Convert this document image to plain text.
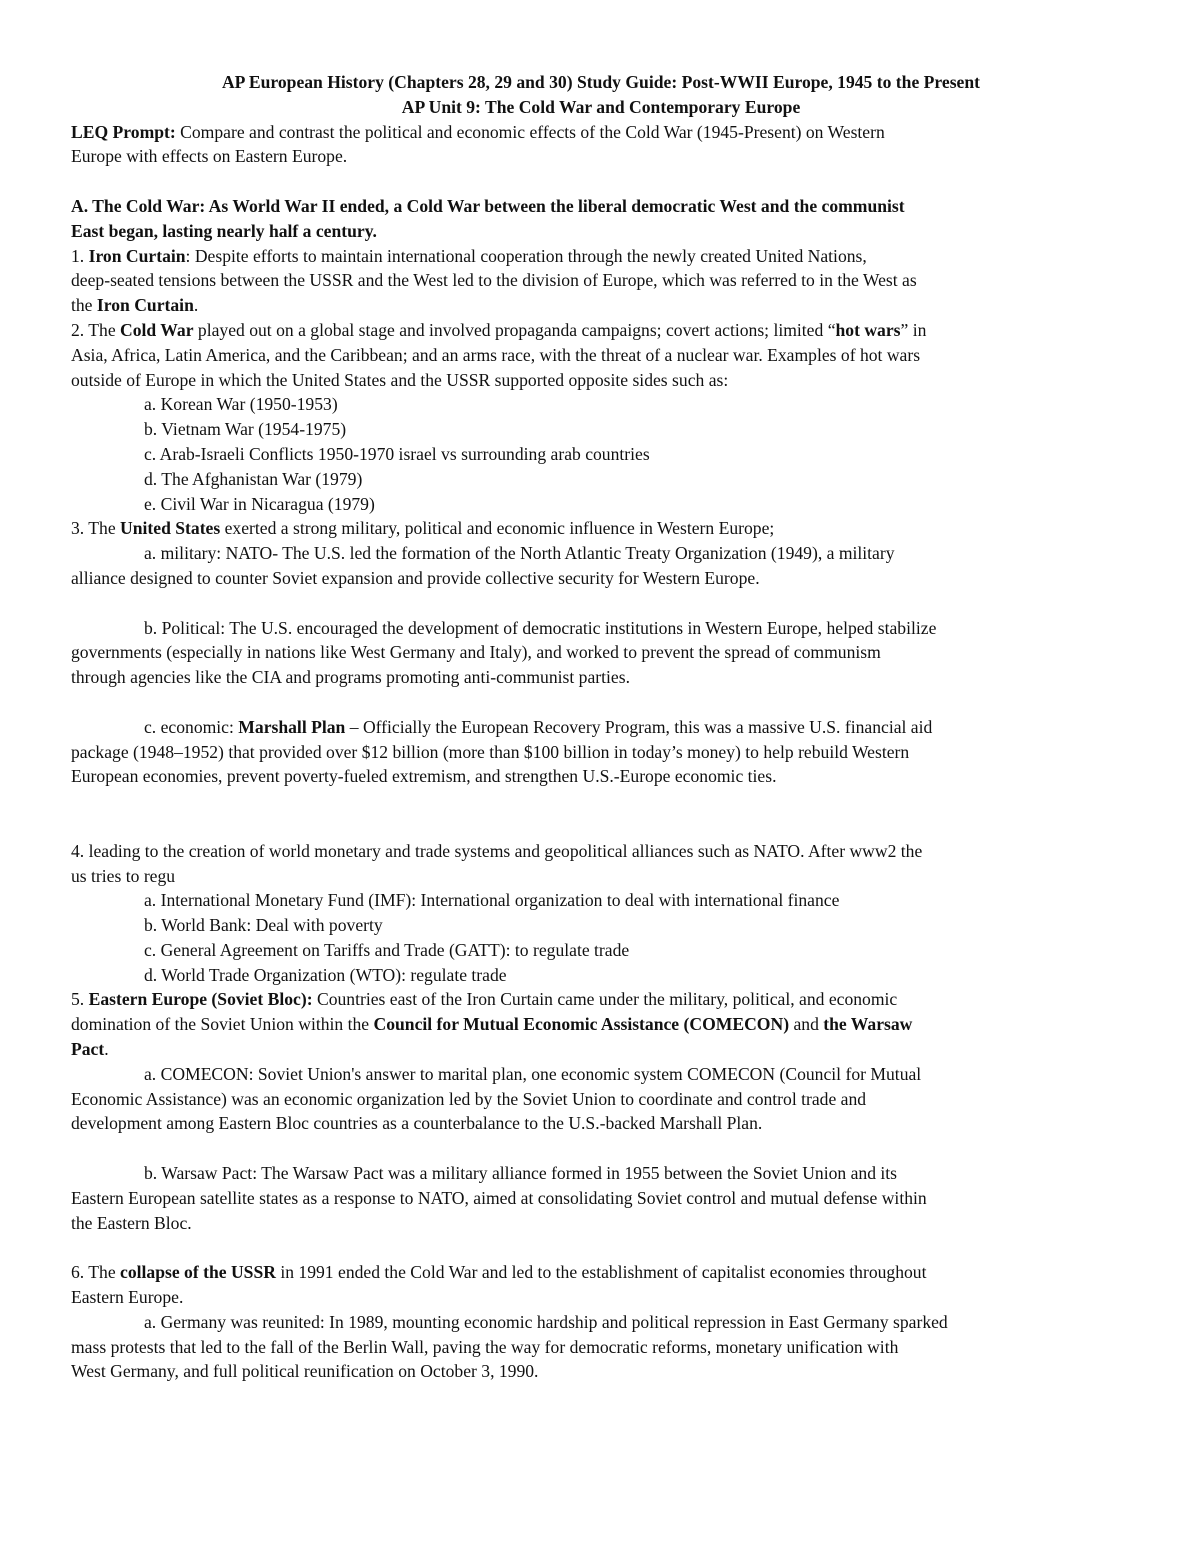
AP European History (Chapters 28, 29 and 30) Study Guide: Post-WWII Europe, 1945 to the Present
AP Unit 9: The Cold War and Contemporary Europe
LEQ Prompt: Compare and contrast the political and economic effects of the Cold War (1945-Present) on Western
Europe with effects on Eastern Europe.
A. The Cold War: As World War II ended, a Cold War between the liberal democratic West and the communist
East began, lasting nearly half a century.
1. Iron Curtain: Despite efforts to maintain international cooperation through the newly created United Nations,
deep-seated tensions between the USSR and the West led to the division of Europe, which was referred to in the West as
the Iron Curtain.
2. The Cold War played out on a global stage and involved propaganda campaigns; covert actions; limited “hot wars” in
Asia, Africa, Latin America, and the Caribbean; and an arms race, with the threat of a nuclear war. Examples of hot wars
outside of Europe in which the United States and the USSR supported opposite sides such as:
a. Korean War (1950-1953)
b. Vietnam War (1954-1975)
c. Arab-Israeli Conflicts 1950-1970 israel vs surrounding arab countries
d. The Afghanistan War (1979)
e. Civil War in Nicaragua (1979)
3. The United States exerted a strong military, political and economic influence in Western Europe;
a. military: NATO- The U.S. led the formation of the North Atlantic Treaty Organization (1949), a military
alliance designed to counter Soviet expansion and provide collective security for Western Europe.
b. Political: The U.S. encouraged the development of democratic institutions in Western Europe, helped stabilize
governments (especially in nations like West Germany and Italy), and worked to prevent the spread of communism
through agencies like the CIA and programs promoting anti-communist parties.
c. economic: Marshall Plan – Officially the European Recovery Program, this was a massive U.S. financial aid
package (1948–1952) that provided over $12 billion (more than $100 billion in today’s money) to help rebuild Western
European economies, prevent poverty-fueled extremism, and strengthen U.S.-Europe economic ties.
4. leading to the creation of world monetary and trade systems and geopolitical alliances such as NATO. After www2 the
us tries to regu
a. International Monetary Fund (IMF): International organization to deal with international finance
b. World Bank: Deal with poverty
c. General Agreement on Tariffs and Trade (GATT): to regulate trade
d. World Trade Organization (WTO): regulate trade
5. Eastern Europe (Soviet Bloc): Countries east of the Iron Curtain came under the military, political, and economic
domination of the Soviet Union within the Council for Mutual Economic Assistance (COMECON) and the Warsaw
Pact.
a. COMECON: Soviet Union's answer to marital plan, one economic system COMECON (Council for Mutual
Economic Assistance) was an economic organization led by the Soviet Union to coordinate and control trade and
development among Eastern Bloc countries as a counterbalance to the U.S.-backed Marshall Plan.
b. Warsaw Pact: The Warsaw Pact was a military alliance formed in 1955 between the Soviet Union and its
Eastern European satellite states as a response to NATO, aimed at consolidating Soviet control and mutual defense within
the Eastern Bloc.
6. The collapse of the USSR in 1991 ended the Cold War and led to the establishment of capitalist economies throughout
Eastern Europe.
a. Germany was reunited: In 1989, mounting economic hardship and political repression in East Germany sparked
mass protests that led to the fall of the Berlin Wall, paving the way for democratic reforms, monetary unification with
West Germany, and full political reunification on October 3, 1990.
